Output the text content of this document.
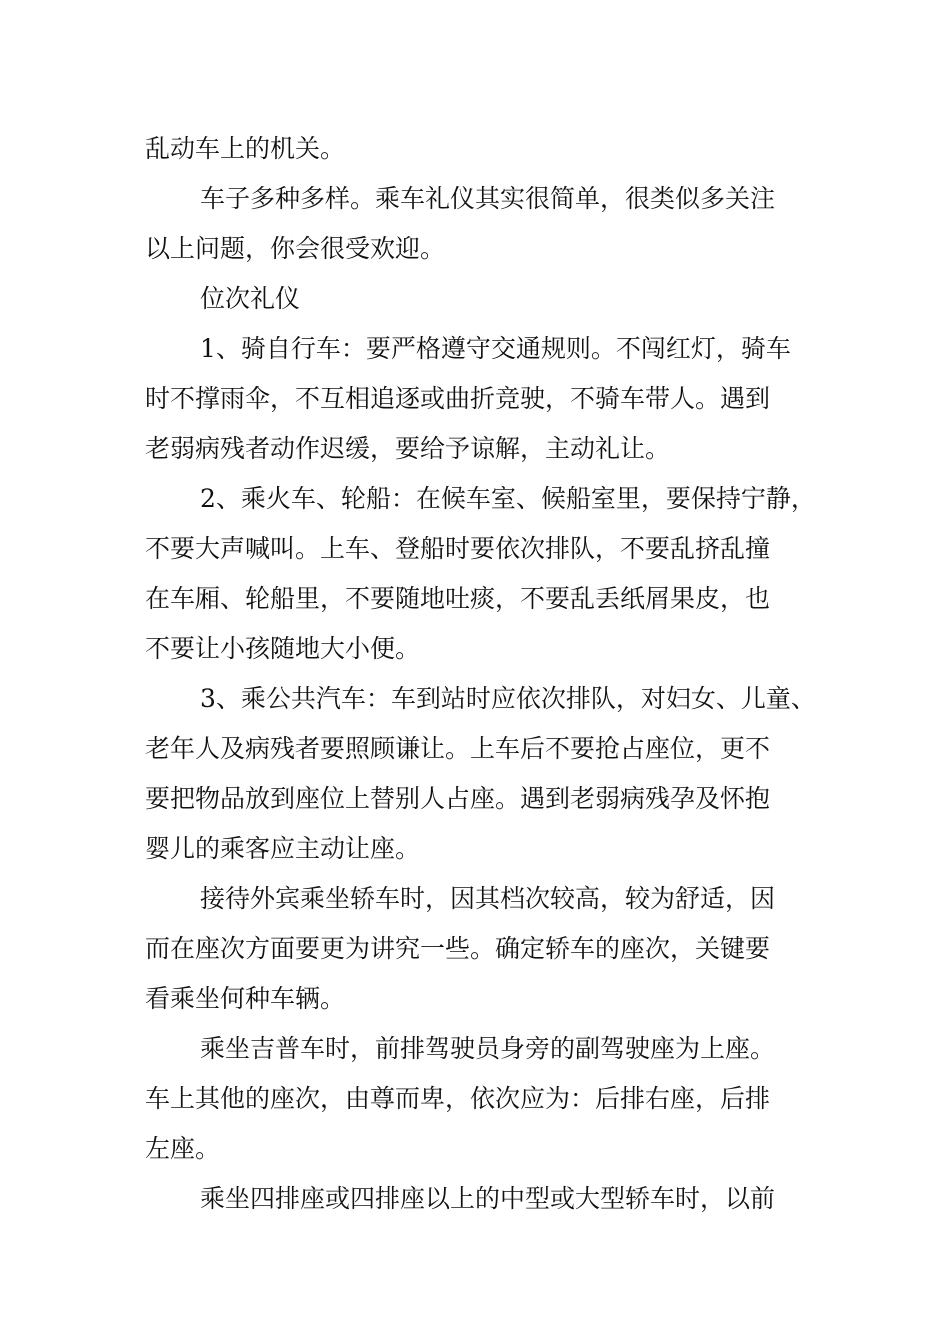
乱动车上的机关。
车子多种多样。乘车礼仪其实很简单，很类似多关注
以上问题，你会很受欢迎。
位次礼仪
1、骑自行车：要严格遵守交通规则。不闯红灯，骑车
时不撑雨伞，不互相追逐或曲折竞驶，不骑车带人。遇到
老弱病残者动作迟缓，要给予谅解，主动礼让。
2、乘火车、轮船：在候车室、候船室里，要保持宁静，
不要大声喊叫。上车、登船时要依次排队，不要乱挤乱撞
在车厢、轮船里，不要随地吐痰，不要乱丢纸屑果皮，也
不要让小孩随地大小便。
3、乘公共汽车：车到站时应依次排队，对妇女、儿童、
老年人及病残者要照顾谦让。上车后不要抢占座位，更不
要把物品放到座位上替别人占座。遇到老弱病残孕及怀抱
婴儿的乘客应主动让座。
接待外宾乘坐轿车时，因其档次较高，较为舒适，因
而在座次方面要更为讲究一些。确定轿车的座次，关键要
看乘坐何种车辆。
乘坐吉普车时，前排驾驶员身旁的副驾驶座为上座。
车上其他的座次，由尊而卑，依次应为：后排右座，后排
左座。
乘坐四排座或四排座以上的中型或大型轿车时，以前
